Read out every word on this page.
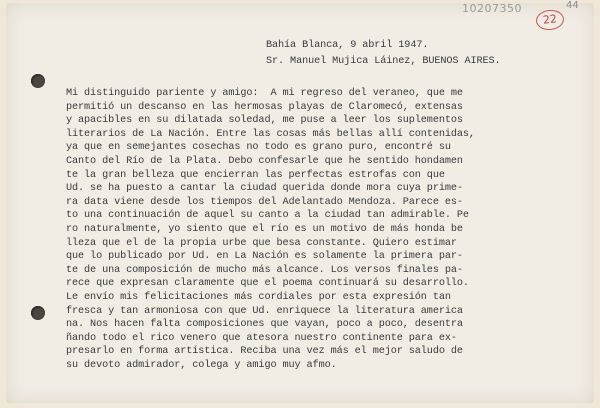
10207350
22
44
Bahía Blanca, 9 abril 1947.
Sr. Manuel Mujica Láinez, BUENOS AIRES.
Mi distinguido pariente y amigo:  A mi regreso del veraneo, que me
permitió un descanso en las hermosas playas de Claromecó, extensas
y apacibles en su dilatada soledad, me puse a leer los suplementos
literarios de La Nación. Entre las cosas más bellas allí contenidas,
ya que en semejantes cosechas no todo es grano puro, encontré su
Canto del Río de la Plata. Debo confesarle que he sentido hondamen
te la gran belleza que encierran las perfectas estrofas con que
Ud. se ha puesto a cantar la ciudad querida donde mora cuya prime-
ra data viene desde los tiempos del Adelantado Mendoza. Parece es-
to una continuación de aquel su canto a la ciudad tan admirable. Pe
ro naturalmente, yo siento que el río es un motivo de más honda be
lleza que el de la propia urbe que besa constante. Quiero estimar
que lo publicado por Ud. en La Nación es solamente la primera par-
te de una composición de mucho más alcance. Los versos finales pa-
rece que expresan claramente que el poema continuará su desarrollo.
Le envío mis felicitaciones más cordiales por esta expresión tan
fresca y tan armoniosa con que Ud. enriquece la literatura america
na. Nos hacen falta composiciones que vayan, poco a poco, desentra
ñando todo el rico venero que atesora nuestro continente para ex-
presarlo en forma artística. Reciba una vez más el mejor saludo de
su devoto admirador, colega y amigo muy afmo.
